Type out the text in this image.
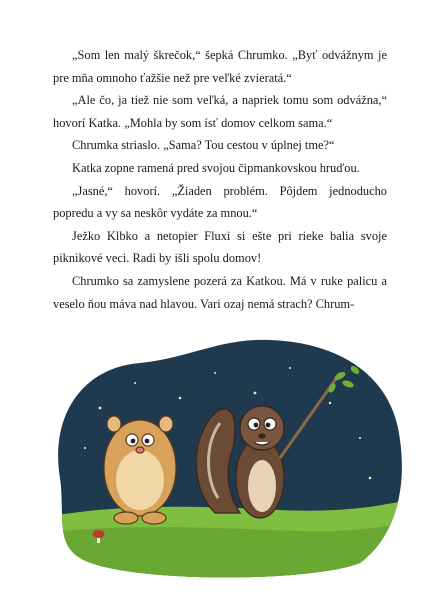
„Som len malý škrečok,“ šepká Chrumko. „Byť odvážnym je pre mňa omnoho ťažšie než pre veľké zvieratá.“

„Ale čo, ja tiež nie som veľká, a napriek tomu som odvážna,“ hovorí Katka. „Mohla by som ísť domov celkom sama.“

Chrumka striaslo. „Sama? Tou cestou v úplnej tme?“

Katka zopne ramená pred svojou čipmankovskou hruďou.

„Jasné,“ hovorí. „Žiaden problém. Pôjdem jednoducho popredu a vy sa neskôr vydáte za mnou.“

Ježko Klbko a netopier Fluxi si ešte pri rieke balia svoje piknikové veci. Radi by išli spolu domov!

Chrumko sa zamyslene pozerá za Katkou. Má v ruke palicu a veselo ňou máva nad hlavou. Vari ozaj nemá strach? Chrum-
